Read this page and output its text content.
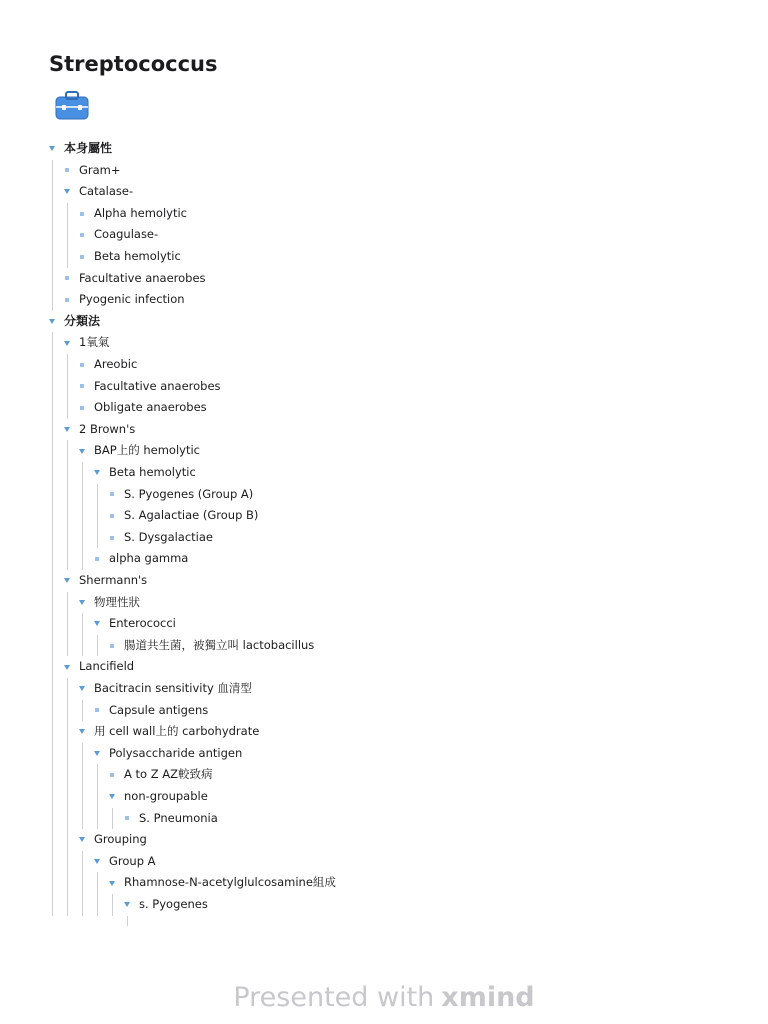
Streptococcus
本身屬性
Gram+
Catalase-
Alpha hemolytic
Coagulase-
Beta hemolytic
Facultative anaerobes
Pyogenic infection
分類法
1氧氣
Areobic
Facultative anaerobes
Obligate anaerobes
2 Brown's
BAP上的 hemolytic
Beta hemolytic
S. Pyogenes (Group A)
S. Agalactiae (Group B)
S. Dysgalactiae
alpha gamma
Shermann's
物理性狀
Enterococci
腸道共生菌，被獨立叫 lactobacillus
Lancifield
Bacitracin sensitivity 血清型
Capsule antigens
用 cell wall上的 carbohydrate
Polysaccharide antigen
A to Z AZ較致病
non-groupable
S. Pneumonia
Grouping
Group A
Rhamnose-N-acetylglulcosamine組成
s. Pyogenes
Presented with xmind
